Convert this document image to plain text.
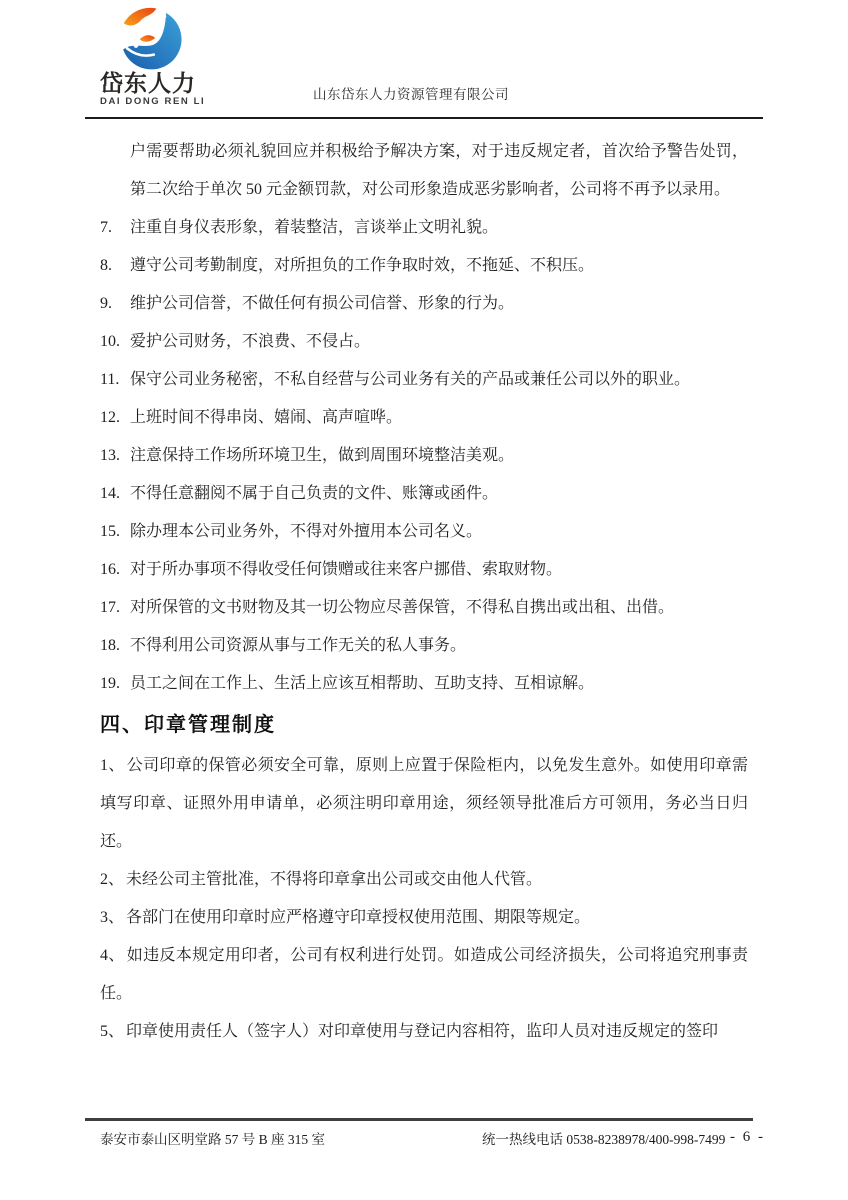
岱东人力
DAI DONG REN LI	山东岱东人力资源管理有限公司

户需要帮助必须礼貌回应并积极给予解决方案，对于违反规定者，首次给予警告处罚，第二次给于单次 50 元金额罚款，对公司形象造成恶劣影响者，公司将不再予以录用。

7.	注重自身仪表形象，着装整洁，言谈举止文明礼貌。
8.	遵守公司考勤制度，对所担负的工作争取时效，不拖延、不积压。
9.	维护公司信誉，不做任何有损公司信誉、形象的行为。
10. 爱护公司财务，不浪费、不侵占。
11. 保守公司业务秘密，不私自经营与公司业务有关的产品或兼任公司以外的职业。
12. 上班时间不得串岗、嬉闹、高声喧哗。
13. 注意保持工作场所环境卫生，做到周围环境整洁美观。
14. 不得任意翻阅不属于自己负责的文件、账簿或函件。
15. 除办理本公司业务外，不得对外擅用本公司名义。
16. 对于所办事项不得收受任何馈赠或往来客户挪借、索取财物。
17. 对所保管的文书财物及其一切公物应尽善保管，不得私自携出或出租、出借。
18. 不得利用公司资源从事与工作无关的私人事务。
19. 员工之间在工作上、生活上应该互相帮助、互助支持、互相谅解。
四、印章管理制度

1、 公司印章的保管必须安全可靠，原则上应置于保险柜内，以免发生意外。如使用印章需填写印章、证照外用申请单，必须注明印章用途，须经领导批准后方可领用，务必当日归还。

2、 未经公司主管批准，不得将印章拿出公司或交由他人代管。

3、 各部门在使用印章时应严格遵守印章授权使用范围、期限等规定。

4、 如违反本规定用印者，公司有权利进行处罚。如造成公司经济损失，公司将追究刑事责任。

5、 印章使用责任人（签字人）对印章使用与登记内容相符，监印人员对违反规定的签印

泰安市泰山区明堂路 57 号 B 座 315 室	统一热线电话 0538-8238978/400-998-7499 - 6 -
